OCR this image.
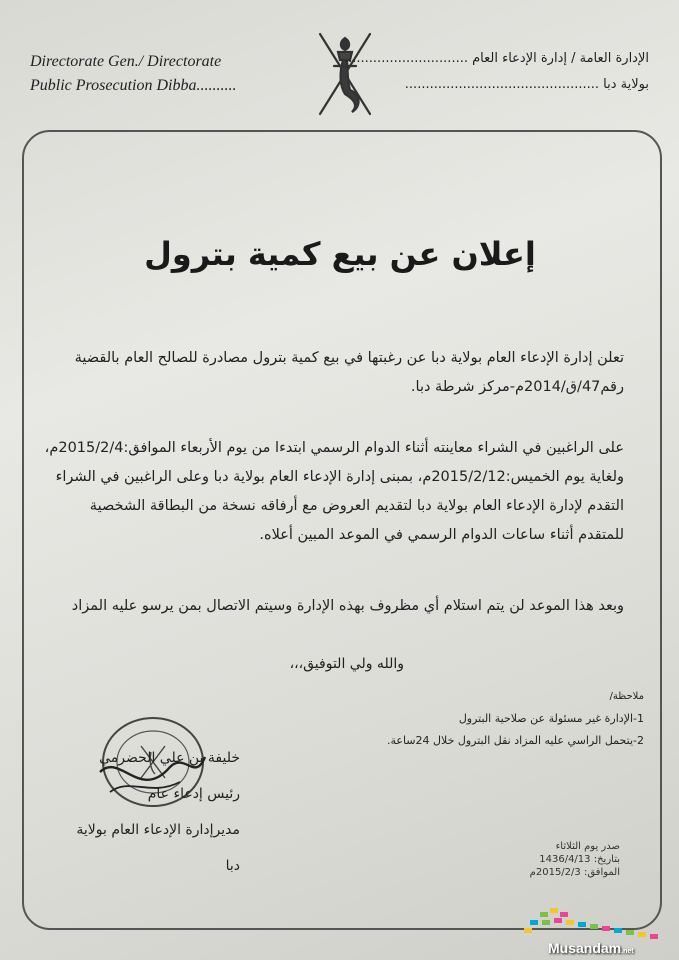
Directorate Gen./ Directorate
Public Prosecution Dibba..........
الإدارة العامة / إدارة الإدعاء العام ..............................
بولاية دبا ...............................................
إعلان عن بيع كمية بترول
تعلن إدارة الإدعاء العام بولاية دبا عن رغبتها في بيع كمية بترول مصادرة للصالح العام بالقضية رقم47/ق/2014م-مركز شرطة دبا.
على الراغبين في الشراء معاينته أثناء الدوام الرسمي ابتدءا من يوم الأربعاء الموافق:2015/2/4م، ولغاية يوم الخميس:2015/2/12م، بمبنى إدارة الإدعاء العام بولاية دبا وعلى الراغبين في الشراء التقدم لإدارة الإدعاء العام بولاية دبا لتقديم العروض مع أرفاقه نسخة من البطاقة الشخصية للمتقدم أثناء ساعات الدوام الرسمي في الموعد المبين أعلاه.
وبعد هذا الموعد لن يتم استلام أي مظروف بهذه الإدارة وسيتم الاتصال بمن يرسو عليه المزاد
والله ولي التوفيق،،،
ملاحظة/
1-الإدارة غير مسئولة عن صلاحية البترول
2-يتحمل الراسي عليه المزاد نقل البترول خلال 24ساعة.
خليفة بن علي الحضرمي
رئيس إدعاء عام
مديرإدارة الإدعاء العام بولاية دبا
صدر يوم الثلاثاء
بتاريخ: 1436/4/13
الموافق: 2015/2/3م
Musandam.net
